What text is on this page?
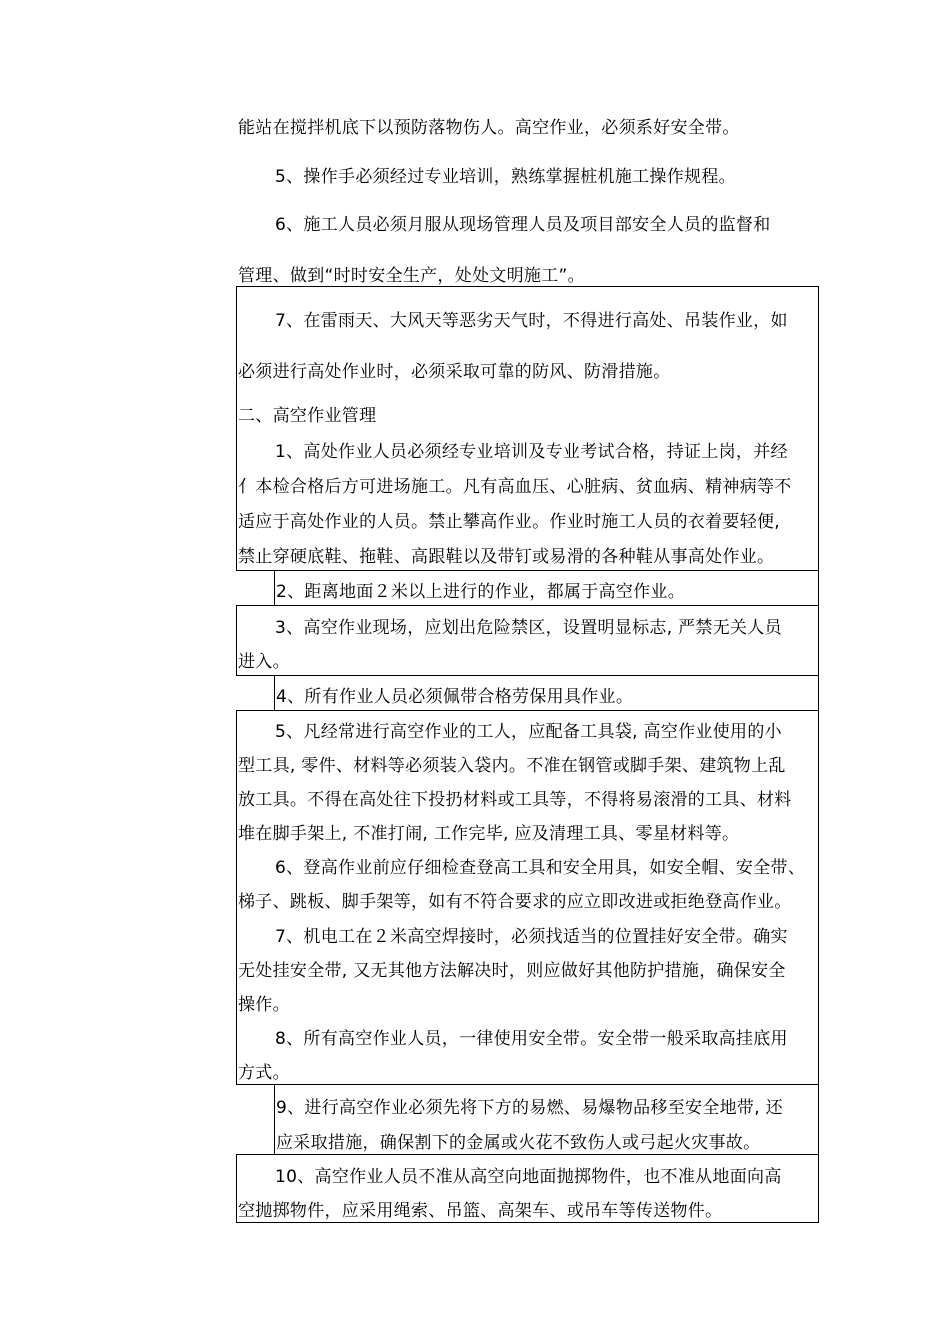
能站在搅拌机底下以预防落物伤人。高空作业，必须系好安全带。
5、操作手必须经过专业培训，熟练掌握桩机施工操作规程。
6、施工人员必须月服从现场管理人员及项目部安全人员的监督和
管理、做到“时时安全生产，处处文明施工”。
7、在雷雨天、大风天等恶劣天气时，不得进行高处、吊装作业，如
必须进行高处作业时，必须采取可靠的防风、防滑措施。
二、高空作业管理
1、高处作业人员必须经专业培训及专业考试合格，持证上岗，并经
亻本检合格后方可进场施工。凡有高血压、心脏病、贫血病、精神病等不
适应于高处作业的人员。禁止攀高作业。作业时施工人员的衣着要轻便,
禁止穿硬底鞋、拖鞋、高跟鞋以及带钉或易滑的各种鞋从事高处作业。
2、距离地面２米以上进行的作业，都属于高空作业。
3、高空作业现场，应划出危险禁区，设置明显标志, 严禁无关人员
进入。
4、所有作业人员必须佩带合格劳保用具作业。
5、凡经常进行高空作业的工人，应配备工具袋, 高空作业使用的小
型工具, 零件、材料等必须装入袋内。不准在钢管或脚手架、建筑物上乱
放工具。不得在高处往下投扔材料或工具等，不得将易滚滑的工具、材料
堆在脚手架上, 不准打闹, 工作完毕, 应及清理工具、零星材料等。
6、登高作业前应仔细检查登高工具和安全用具，如安全帽、安全带、
梯子、跳板、脚手架等，如有不符合要求的应立即改进或拒绝登高作业。
7、机电工在２米高空焊接时，必须找适当的位置挂好安全带。确实
无处挂安全带, 又无其他方法解决时，则应做好其他防护措施，确保安全
操作。
8、所有高空作业人员，一律使用安全带。安全带一般采取高挂底用
方式。
9、进行高空作业必须先将下方的易燃、易爆物品移至安全地带, 还
应采取措施，确保割下的金属或火花不致伤人或弓起火灾事故。
10、高空作业人员不准从高空向地面抛掷物件，也不准从地面向高
空抛掷物件，应采用绳索、吊篮、高架车、或吊车等传送物件。
